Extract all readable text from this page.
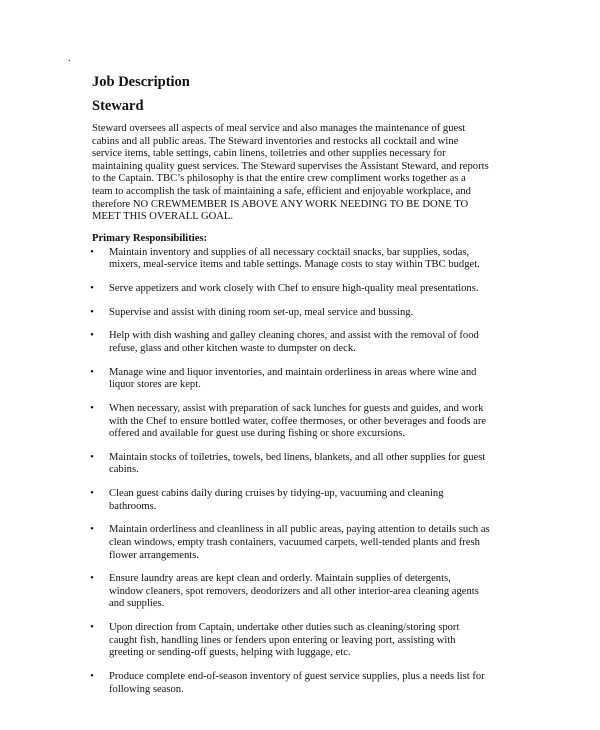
.
Job Description
Steward

Steward oversees all aspects of meal service and also manages the maintenance of guest
cabins and all public areas. The Steward inventories and restocks all cocktail and wine
service items, table settings, cabin linens, toiletries and other supplies necessary for
maintaining quality guest services. The Steward supervises the Assistant Steward, and reports
to the Captain. TBC’s philosophy is that the entire crew compliment works together as a
team to accomplish the task of maintaining a safe, efficient and enjoyable workplace, and
therefore NO CREWMEMBER IS ABOVE ANY WORK NEEDING TO BE DONE TO
MEET THIS OVERALL GOAL.

Primary Responsibilities:
• Maintain inventory and supplies of all necessary cocktail snacks, bar supplies, sodas,
mixers, meal-service items and table settings. Manage costs to stay within TBC budget.
• Serve appetizers and work closely with Chef to ensure high-quality meal presentations.
• Supervise and assist with dining room set-up, meal service and bussing.
• Help with dish washing and galley cleaning chores, and assist with the removal of food
refuse, glass and other kitchen waste to dumpster on deck.
• Manage wine and liquor inventories, and maintain orderliness in areas where wine and
liquor stores are kept.
• When necessary, assist with preparation of sack lunches for guests and guides, and work
with the Chef to ensure bottled water, coffee thermoses, or other beverages and foods are
offered and available for guest use during fishing or shore excursions.
• Maintain stocks of toiletries, towels, bed linens, blankets, and all other supplies for guest
cabins.
• Clean guest cabins daily during cruises by tidying-up, vacuuming and cleaning
bathrooms.
• Maintain orderliness and cleanliness in all public areas, paying attention to details such as
clean windows, empty trash containers, vacuumed carpets, well-tended plants and fresh
flower arrangements.
• Ensure laundry areas are kept clean and orderly. Maintain supplies of detergents,
window cleaners, spot removers, deodorizers and all other interior-area cleaning agents
and supplies.
• Upon direction from Captain, undertake other duties such as cleaning/storing sport
caught fish, handling lines or fenders upon entering or leaving port, assisting with
greeting or sending-off guests, helping with luggage, etc.
• Produce complete end-of-season inventory of guest service supplies, plus a needs list for
following season.
